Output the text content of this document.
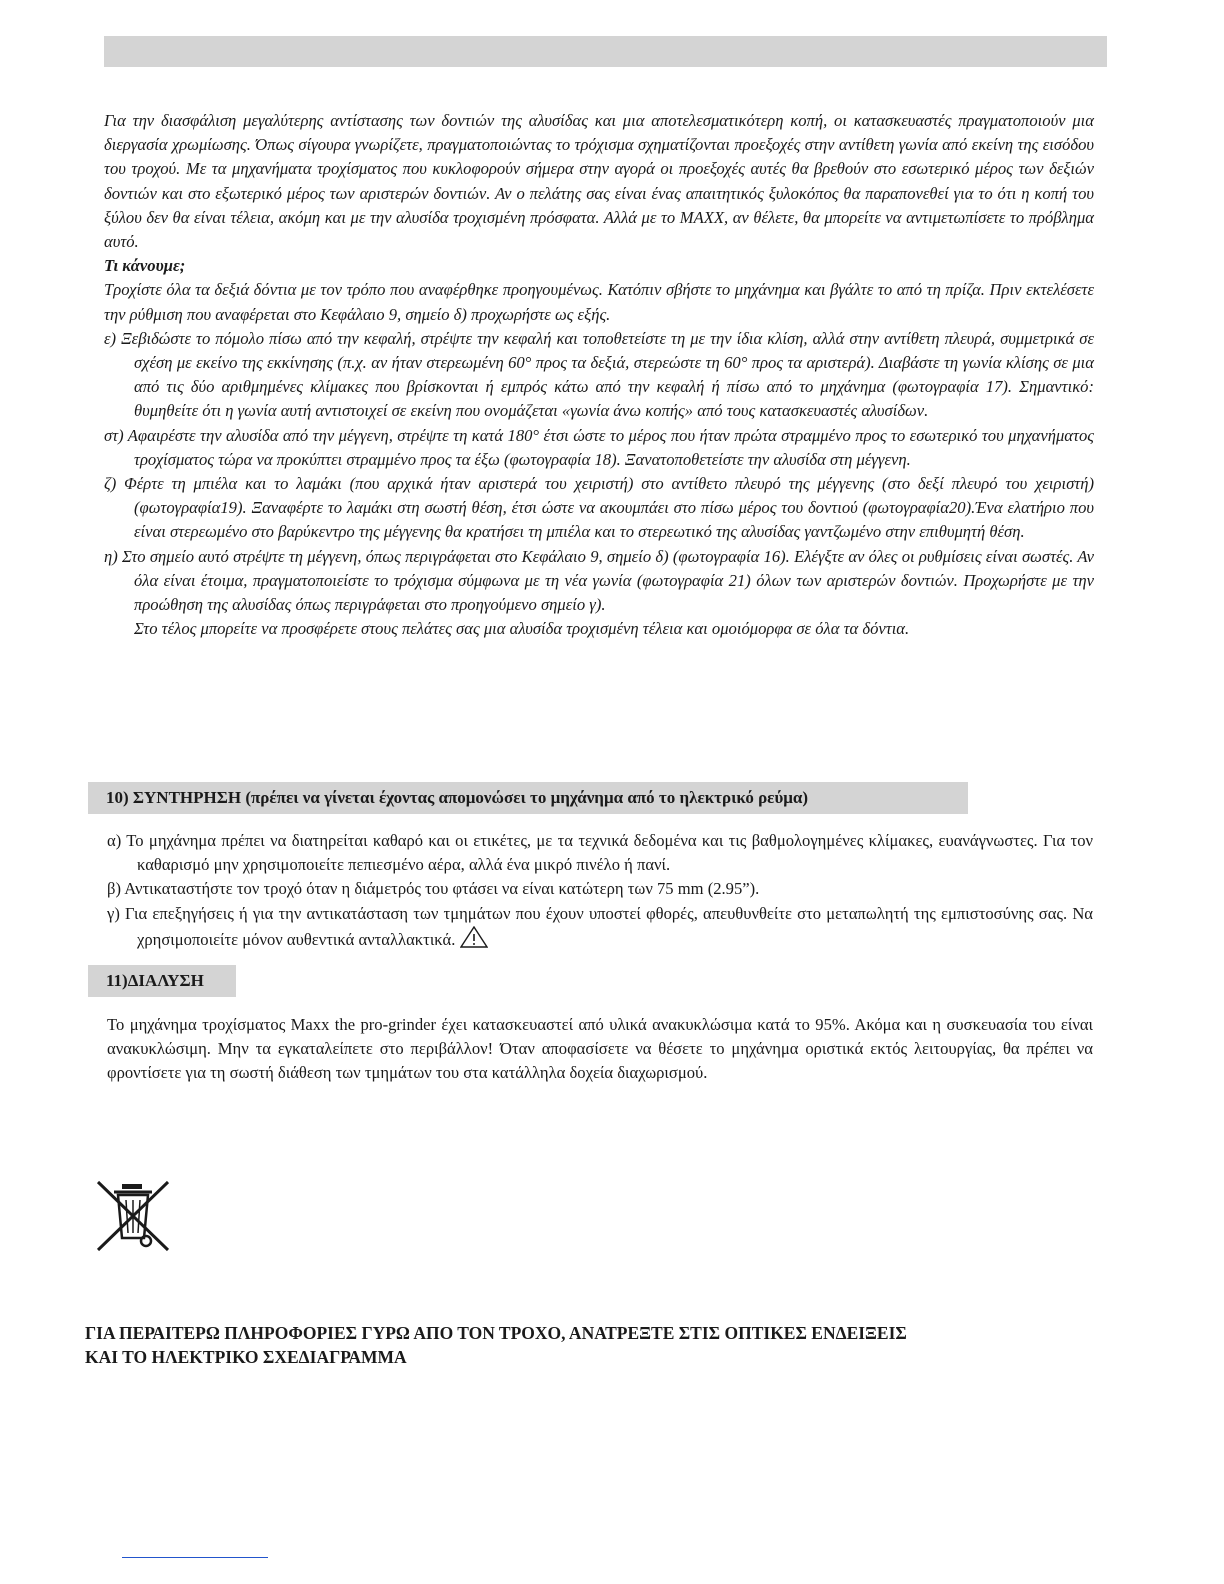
Για την διασφάλιση μεγαλύτερης αντίστασης των δοντιών της αλυσίδας και μια αποτελεσματικότερη κοπή, οι κατασκευαστές πραγματοποιούν μια διεργασία χρωμίωσης. Όπως σίγουρα γνωρίζετε, πραγματοποιώντας το τρόχισμα σχηματίζονται προεξοχές στην αντίθετη γωνία από εκείνη της εισόδου του τροχού. Με τα μηχανήματα τροχίσματος που κυκλοφορούν σήμερα στην αγορά οι προεξοχές αυτές θα βρεθούν στο εσωτερικό μέρος των δεξιών δοντιών και στο εξωτερικό μέρος των αριστερών δοντιών. Αν ο πελάτης σας είναι ένας απαιτητικός ξυλοκόπος θα παραπονεθεί για το ότι η κοπή του ξύλου δεν θα είναι τέλεια, ακόμη και με την αλυσίδα τροχισμένη πρόσφατα. Αλλά με το MAXX, αν θέλετε, θα μπορείτε να αντιμετωπίσετε το πρόβλημα αυτό.

Τι κάνουμε;

Τροχίστε όλα τα δεξιά δόντια με τον τρόπο που αναφέρθηκε προηγουμένως. Κατόπιν σβήστε το μηχάνημα και βγάλτε το από τη πρίζα. Πριν εκτελέσετε την ρύθμιση που αναφέρεται στο Κεφάλαιο 9, σημείο δ) προχωρήστε ως εξής.

ε) Ξεβιδώστε το πόμολο πίσω από την κεφαλή, στρέψτε την κεφαλή και τοποθετείστε τη με την ίδια κλίση, αλλά στην αντίθετη πλευρά, συμμετρικά σε σχέση με εκείνο της εκκίνησης (π.χ. αν ήταν στερεωμένη 60° προς τα δεξιά, στερεώστε τη 60° προς τα αριστερά). Διαβάστε τη γωνία κλίσης σε μια από τις δύο αριθμημένες κλίμακες που βρίσκονται ή εμπρός κάτω από την κεφαλή ή πίσω από το μηχάνημα (φωτογραφία 17). Σημαντικό: θυμηθείτε ότι η γωνία αυτή αντιστοιχεί σε εκείνη που ονομάζεται «γωνία άνω κοπής» από τους κατασκευαστές αλυσίδων.

στ) Αφαιρέστε την αλυσίδα από την μέγγενη, στρέψτε τη κατά 180° έτσι ώστε το μέρος που ήταν πρώτα στραμμένο προς το εσωτερικό του μηχανήματος τροχίσματος τώρα να προκύπτει στραμμένο προς τα έξω (φωτογραφία 18). Ξανατοποθετείστε την αλυσίδα στη μέγγενη.

ζ) Φέρτε τη μπιέλα και το λαμάκι (που αρχικά ήταν αριστερά του χειριστή) στο αντίθετο πλευρό της μέγγενης (στο δεξί πλευρό του χειριστή) (φωτογραφία19). Ξαναφέρτε το λαμάκι στη σωστή θέση, έτσι ώστε να ακουμπάει στο πίσω μέρος του δοντιού (φωτογραφία20).Ένα ελατήριο που είναι στερεωμένο στο βαρύκεντρο της μέγγενης θα κρατήσει τη μπιέλα και το στερεωτικό της αλυσίδας γαντζωμένο στην επιθυμητή θέση.

η) Στο σημείο αυτό στρέψτε τη μέγγενη, όπως περιγράφεται στο Κεφάλαιο 9, σημείο δ) (φωτογραφία 16). Ελέγξτε αν όλες οι ρυθμίσεις είναι σωστές. Αν όλα είναι έτοιμα, πραγματοποιείστε το τρόχισμα σύμφωνα με τη νέα γωνία (φωτογραφία 21) όλων των αριστερών δοντιών. Προχωρήστε με την προώθηση της αλυσίδας όπως περιγράφεται στο προηγούμενο σημείο γ).

Στο τέλος μπορείτε να προσφέρετε στους πελάτες σας μια αλυσίδα τροχισμένη τέλεια και ομοιόμορφα σε όλα τα δόντια.

10) ΣΥΝΤΗΡΗΣΗ (πρέπει να γίνεται έχοντας απομονώσει το μηχάνημα από το ηλεκτρικό ρεύμα)

α) Το μηχάνημα πρέπει να διατηρείται καθαρό και οι ετικέτες, με τα τεχνικά δεδομένα και τις βαθμολογημένες κλίμακες, ευανάγνωστες. Για τον καθαρισμό μην χρησιμοποιείτε πεπιεσμένο αέρα, αλλά ένα μικρό πινέλο ή πανί.

β) Αντικαταστήστε τον τροχό όταν η διάμετρός του φτάσει να είναι κατώτερη των 75 mm (2.95”).

γ) Για επεξηγήσεις ή για την αντικατάσταση των τμημάτων που έχουν υποστεί φθορές, απευθυνθείτε στο μεταπωλητή της εμπιστοσύνης σας. Να χρησιμοποιείτε μόνον αυθεντικά ανταλλακτικά.

11)ΔΙΑΛΥΣΗ

Το μηχάνημα τροχίσματος Maxx the pro-grinder έχει κατασκευαστεί από υλικά ανακυκλώσιμα κατά το 95%. Ακόμα και η συσκευασία του είναι ανακυκλώσιμη. Μην τα εγκαταλείπετε στο περιβάλλον! Όταν αποφασίσετε να θέσετε το μηχάνημα οριστικά εκτός λειτουργίας, θα πρέπει να φροντίσετε για τη σωστή διάθεση των τμημάτων του στα κατάλληλα δοχεία διαχωρισμού.

ΓΙΑ ΠΕΡΑΙΤΕΡΩ ΠΛΗΡΟΦΟΡΙΕΣ ΓΥΡΩ ΑΠΟ ΤΟΝ ΤΡΟΧΟ, ΑΝΑΤΡΕΞΤΕ ΣΤΙΣ ΟΠΤΙΚΕΣ ΕΝΔΕΙΞΕΙΣ
ΚΑΙ ΤΟ ΗΛΕΚΤΡΙΚΟ ΣΧΕΔΙΑΓΡΑΜΜΑ
